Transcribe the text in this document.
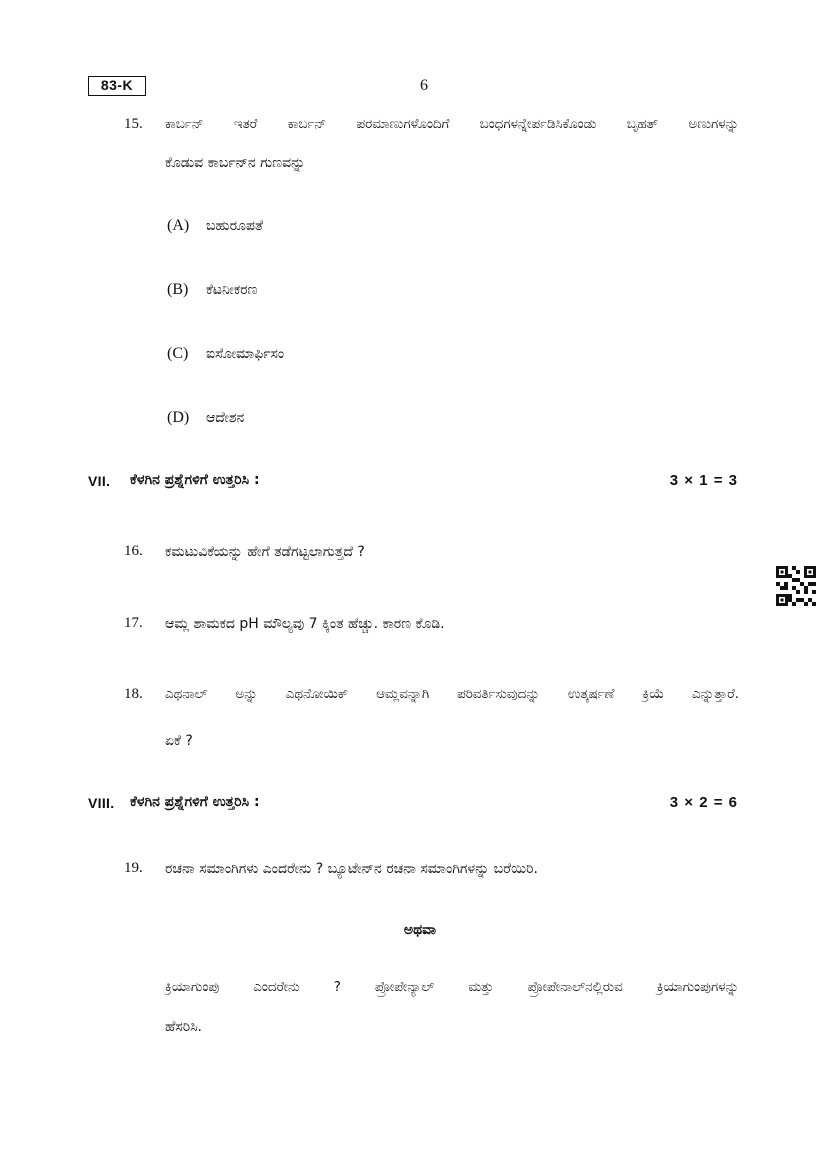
83-K	6
15. ಕಾರ್ಬನ್ ಇತರೆ ಕಾರ್ಬನ್ ಪರಮಾಣುಗಳೊಂದಿಗೆ ಬಂಧಗಳನ್ನೇರ್ಪಡಿಸಿಕೊಂಡು ಬೃಹತ್ ಅಣುಗಳನ್ನು
ಕೊಡುವ ಕಾರ್ಬನ್‌ನ ಗುಣವನ್ನು
(A) ಬಹುರೂಪತೆ
(B) ಕೆಟನೀಕರಣ
(C) ಐಸೋಮಾರ್ಫಿಸಂ
(D) ಆದೇಶನ
VII. ಕೆಳಗಿನ ಪ್ರಶ್ನೆಗಳಿಗೆ ಉತ್ತರಿಸಿ :	3 × 1 = 3
16. ಕಮಟುವಿಕೆಯನ್ನು ಹೇಗೆ ತಡೆಗಟ್ಟಲಾಗುತ್ತದೆ ?
17. ಆಮ್ಲ ಶಾಮಕದ pH ಮೌಲ್ಯವು 7 ಕ್ಕಿಂತ ಹೆಚ್ಚು. ಕಾರಣ ಕೊಡಿ.
18. ಎಥನಾಲ್ ಅನ್ನು ಎಥನೋಯಿಕ್ ಆಮ್ಲವನ್ನಾಗಿ ಪರಿವರ್ತಿಸುವುದನ್ನು ಉತ್ಕರ್ಷಣೆ ಕ್ರಿಯೆ ಎನ್ನುತ್ತಾರೆ.
ಏಕೆ ?
VIII. ಕೆಳಗಿನ ಪ್ರಶ್ನೆಗಳಿಗೆ ಉತ್ತರಿಸಿ :	3 × 2 = 6
19. ರಚನಾ ಸಮಾಂಗಿಗಳು ಎಂದರೇನು ? ಬ್ಯೂಟೇನ್‌ನ ರಚನಾ ಸಮಾಂಗಿಗಳನ್ನು ಬರೆಯಿರಿ.
ಅಥವಾ
ಕ್ರಿಯಾಗುಂಪು ಎಂದರೇನು ? ಪ್ರೋಪೇನ್ಯಾಲ್ ಮತ್ತು ಪ್ರೋಪೇನಾಲ್‌ನಲ್ಲಿರುವ ಕ್ರಿಯಾಗುಂಪುಗಳನ್ನು
ಹೆಸರಿಸಿ.
